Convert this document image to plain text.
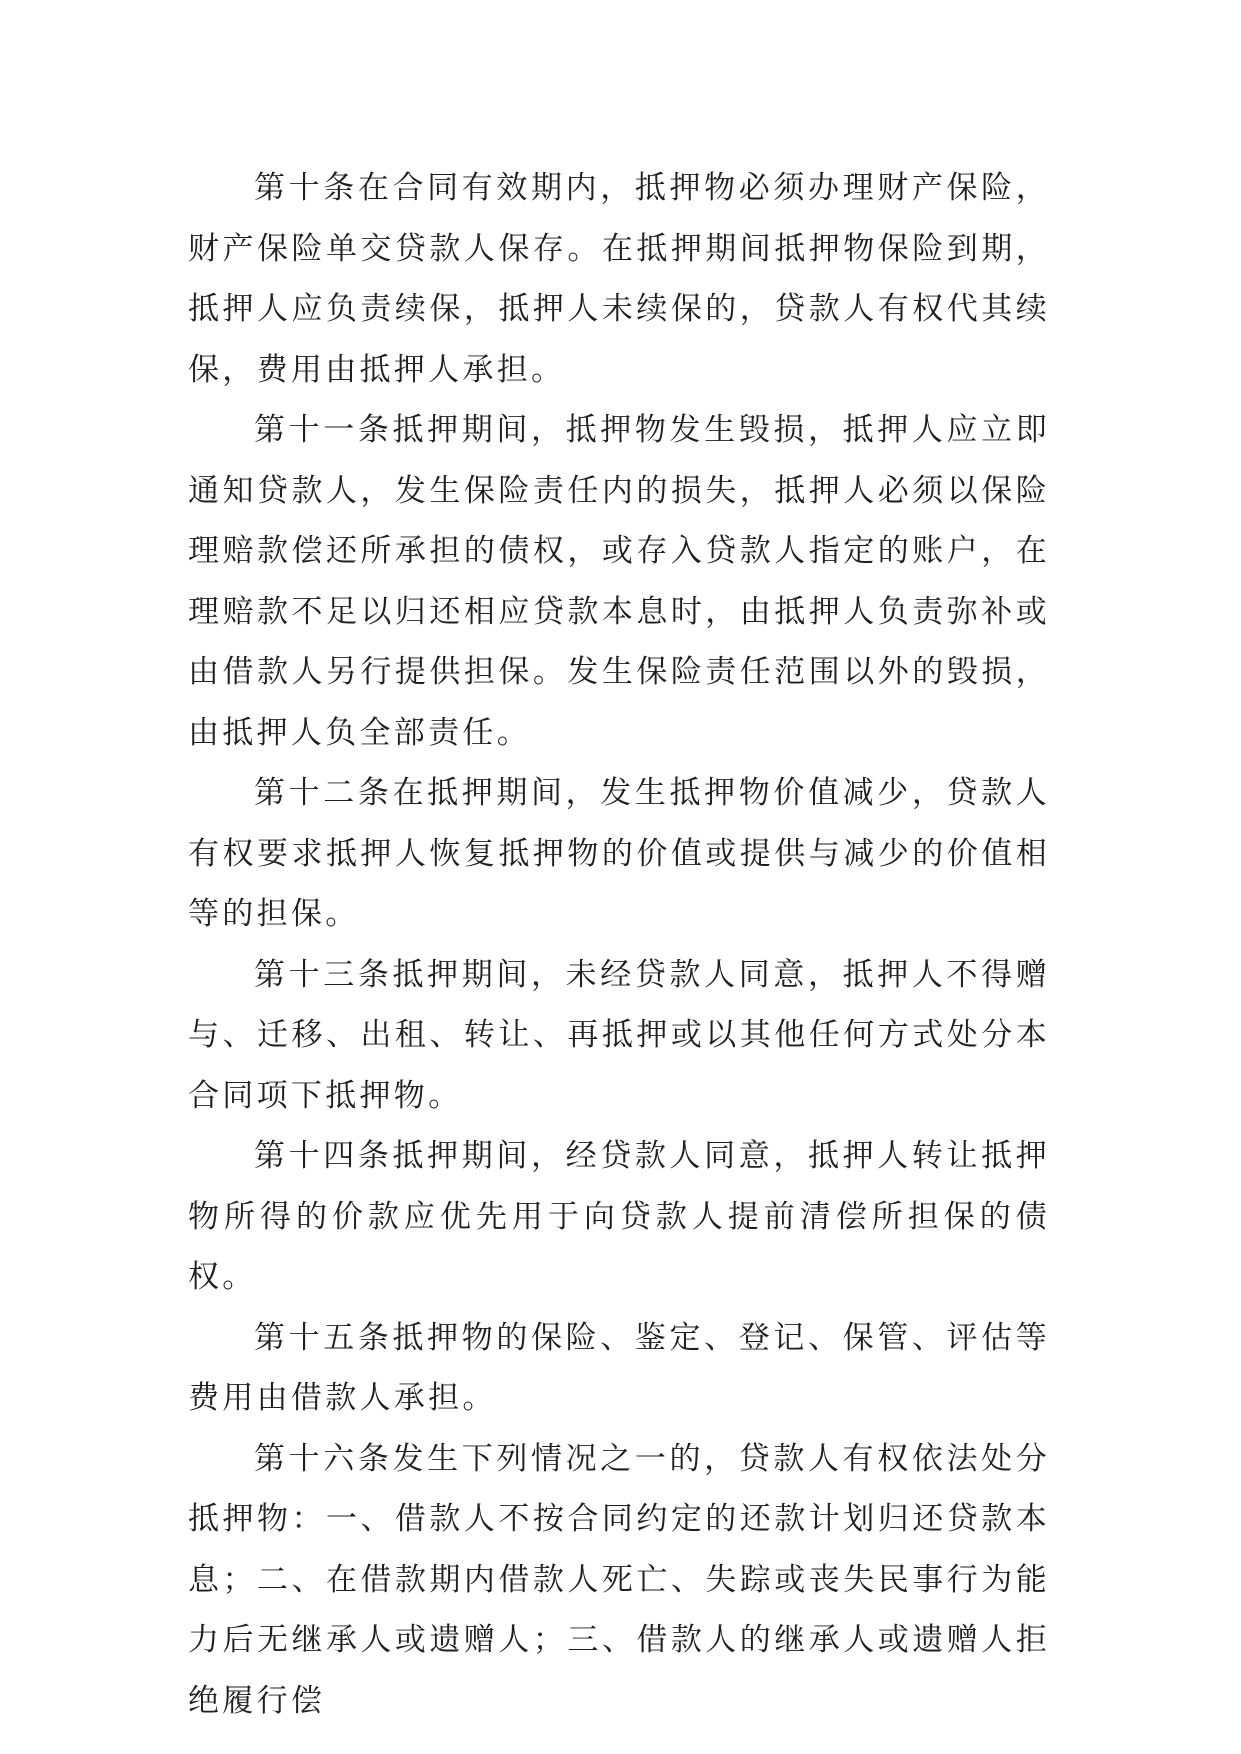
第十条在合同有效期内，抵押物必须办理财产保险，财产保险单交贷款人保存。在抵押期间抵押物保险到期，抵押人应负责续保，抵押人未续保的，贷款人有权代其续保，费用由抵押人承担。

第十一条抵押期间，抵押物发生毁损，抵押人应立即通知贷款人，发生保险责任内的损失，抵押人必须以保险理赔款偿还所承担的债权，或存入贷款人指定的账户，在理赔款不足以归还相应贷款本息时，由抵押人负责弥补或由借款人另行提供担保。发生保险责任范围以外的毁损，由抵押人负全部责任。

第十二条在抵押期间，发生抵押物价值减少，贷款人有权要求抵押人恢复抵押物的价值或提供与减少的价值相等的担保。

第十三条抵押期间，未经贷款人同意，抵押人不得赠与、迁移、出租、转让、再抵押或以其他任何方式处分本合同项下抵押物。

第十四条抵押期间，经贷款人同意，抵押人转让抵押物所得的价款应优先用于向贷款人提前清偿所担保的债权。

第十五条抵押物的保险、鉴定、登记、保管、评估等费用由借款人承担。

第十六条发生下列情况之一的，贷款人有权依法处分抵押物：一、借款人不按合同约定的还款计划归还贷款本息；二、在借款期内借款人死亡、失踪或丧失民事行为能力后无继承人或遗赠人；三、借款人的继承人或遗赠人拒绝履行偿
